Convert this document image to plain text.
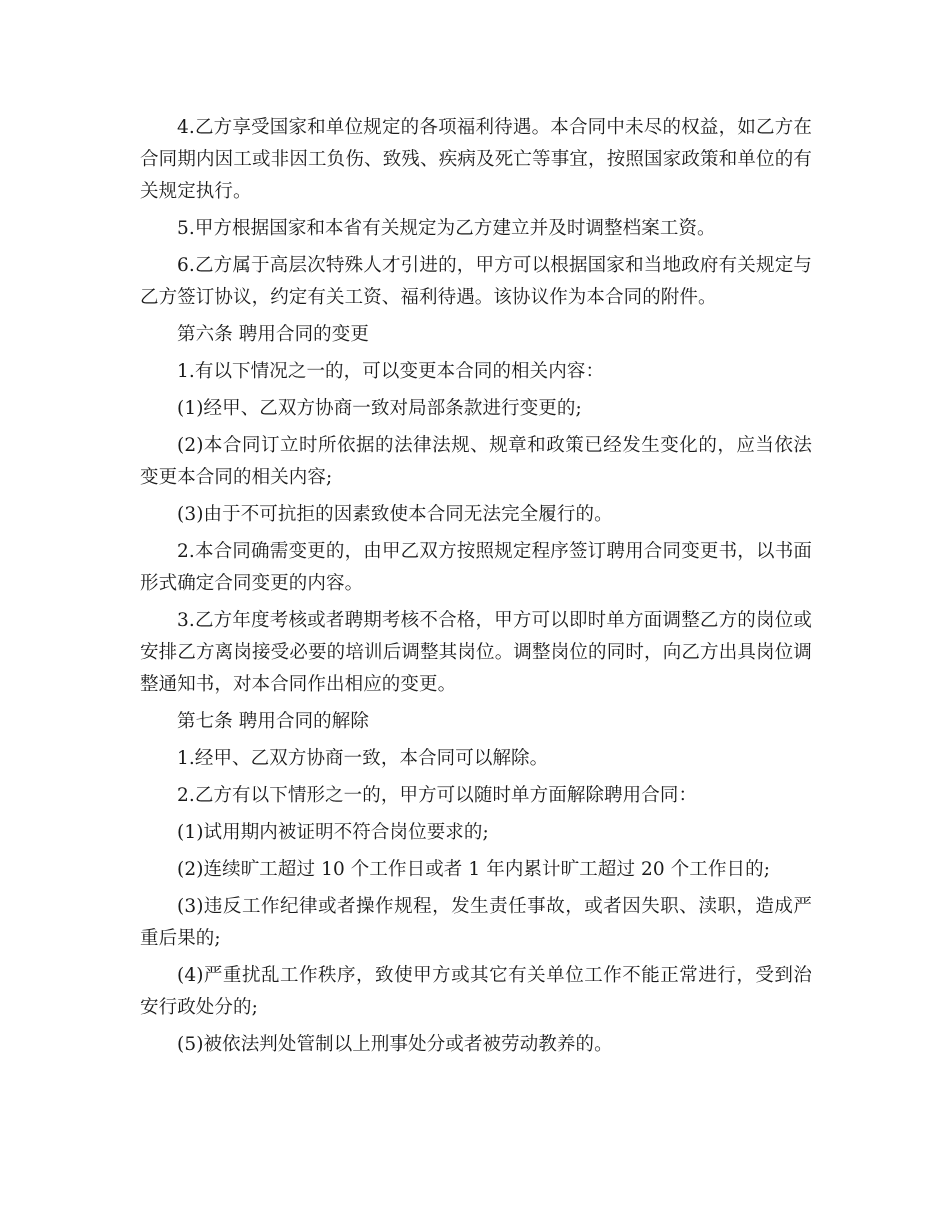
4.乙方享受国家和单位规定的各项福利待遇。本合同中未尽的权益，如乙方在合同期内因工或非因工负伤、致残、疾病及死亡等事宜，按照国家政策和单位的有关规定执行。

5.甲方根据国家和本省有关规定为乙方建立并及时调整档案工资。

6.乙方属于高层次特殊人才引进的，甲方可以根据国家和当地政府有关规定与乙方签订协议，约定有关工资、福利待遇。该协议作为本合同的附件。

第六条 聘用合同的变更

1.有以下情况之一的，可以变更本合同的相关内容：

(1)经甲、乙双方协商一致对局部条款进行变更的;

(2)本合同订立时所依据的法律法规、规章和政策已经发生变化的，应当依法变更本合同的相关内容;

(3)由于不可抗拒的因素致使本合同无法完全履行的。

2.本合同确需变更的，由甲乙双方按照规定程序签订聘用合同变更书，以书面形式确定合同变更的内容。

3.乙方年度考核或者聘期考核不合格，甲方可以即时单方面调整乙方的岗位或安排乙方离岗接受必要的培训后调整其岗位。调整岗位的同时，向乙方出具岗位调整通知书，对本合同作出相应的变更。

第七条 聘用合同的解除

1.经甲、乙双方协商一致，本合同可以解除。

2.乙方有以下情形之一的，甲方可以随时单方面解除聘用合同：

(1)试用期内被证明不符合岗位要求的;

(2)连续旷工超过 10 个工作日或者 1 年内累计旷工超过 20 个工作日的;

(3)违反工作纪律或者操作规程，发生责任事故，或者因失职、渎职，造成严重后果的;

(4)严重扰乱工作秩序，致使甲方或其它有关单位工作不能正常进行，受到治安行政处分的;

(5)被依法判处管制以上刑事处分或者被劳动教养的。
